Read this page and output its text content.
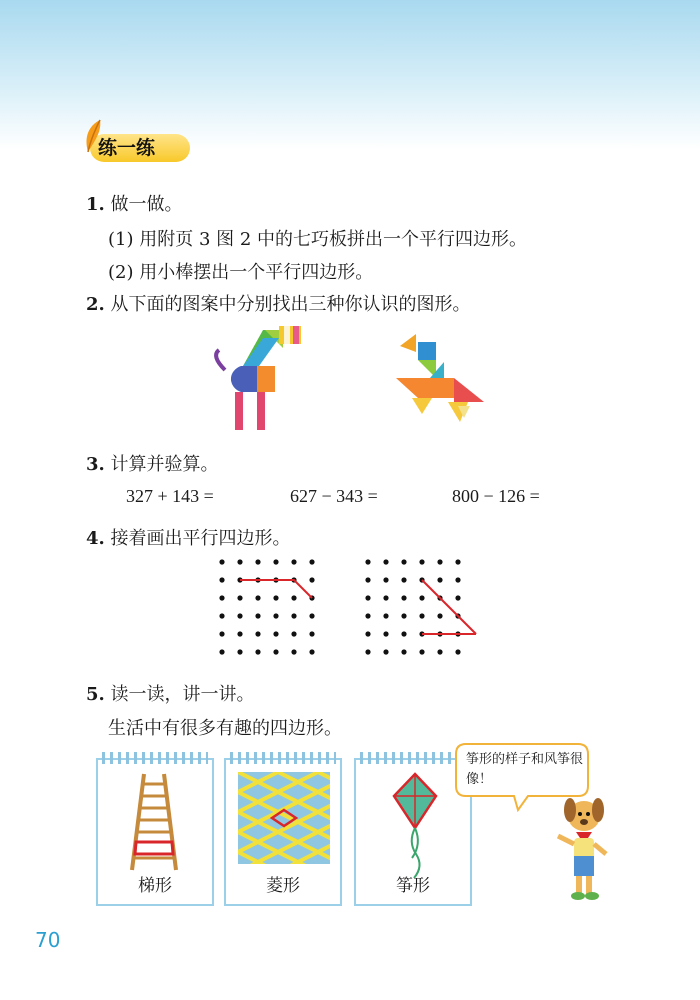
练一练
1. 做一做。
(1) 用附页 3 图 2 中的七巧板拼出一个平行四边形。
(2) 用小棒摆出一个平行四边形。
2. 从下面的图案中分别找出三种你认识的图形。
3. 计算并验算。
327 + 143 =	627 − 343 =	800 − 126 =
4. 接着画出平行四边形。
5. 读一读，讲一讲。
生活中有很多有趣的四边形。
梯形	菱形	筝形
筝形的样子和风筝很像！
70
